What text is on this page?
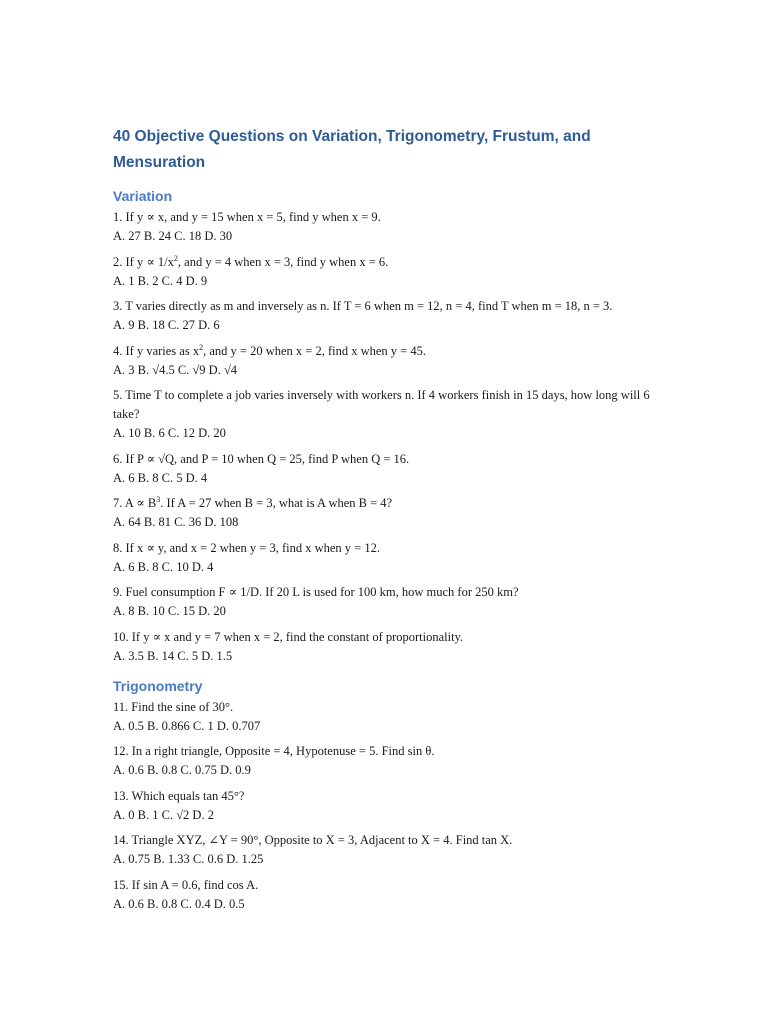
40 Objective Questions on Variation, Trigonometry, Frustum, and Mensuration
Variation
1. If y ∝ x, and y = 15 when x = 5, find y when x = 9.
A. 27 B. 24 C. 18 D. 30
2. If $y \propto 1/x^2$, and y = 4 when x = 3, find y when x = 6.
A. 1 B. 2 C. 4 D. 9
3. T varies directly as m and inversely as n. If T = 6 when m = 12, n = 4, find T when m = 18, n = 3.
A. 9 B. 18 C. 27 D. 6
4. If y varies as $x^2$, and y = 20 when x = 2, find x when y = 45.
A. 3 B. √4.5 C. √9 D. √4
5. Time T to complete a job varies inversely with workers n. If 4 workers finish in 15 days, how long will 6 take?
A. 10 B. 6 C. 12 D. 20
6. If P ∝ √Q, and P = 10 when Q = 25, find P when Q = 16.
A. 6 B. 8 C. 5 D. 4
7. $A \propto B^3$. If A = 27 when B = 3, what is A when B = 4?
A. 64 B. 81 C. 36 D. 108
8. If x ∝ y, and x = 2 when y = 3, find x when y = 12.
A. 6 B. 8 C. 10 D. 4
9. Fuel consumption F ∝ 1/D. If 20 L is used for 100 km, how much for 250 km?
A. 8 B. 10 C. 15 D. 20
10. If y ∝ x and y = 7 when x = 2, find the constant of proportionality.
A. 3.5 B. 14 C. 5 D. 1.5
Trigonometry
11. Find the sine of 30°.
A. 0.5 B. 0.866 C. 1 D. 0.707
12. In a right triangle, Opposite = 4, Hypotenuse = 5. Find sin θ.
A. 0.6 B. 0.8 C. 0.75 D. 0.9
13. Which equals tan 45°?
A. 0 B. 1 C. √2 D. 2
14. Triangle XYZ, ∠Y = 90°, Opposite to X = 3, Adjacent to X = 4. Find tan X.
A. 0.75 B. 1.33 C. 0.6 D. 1.25
15. If sin A = 0.6, find cos A.
A. 0.6 B. 0.8 C. 0.4 D. 0.5
